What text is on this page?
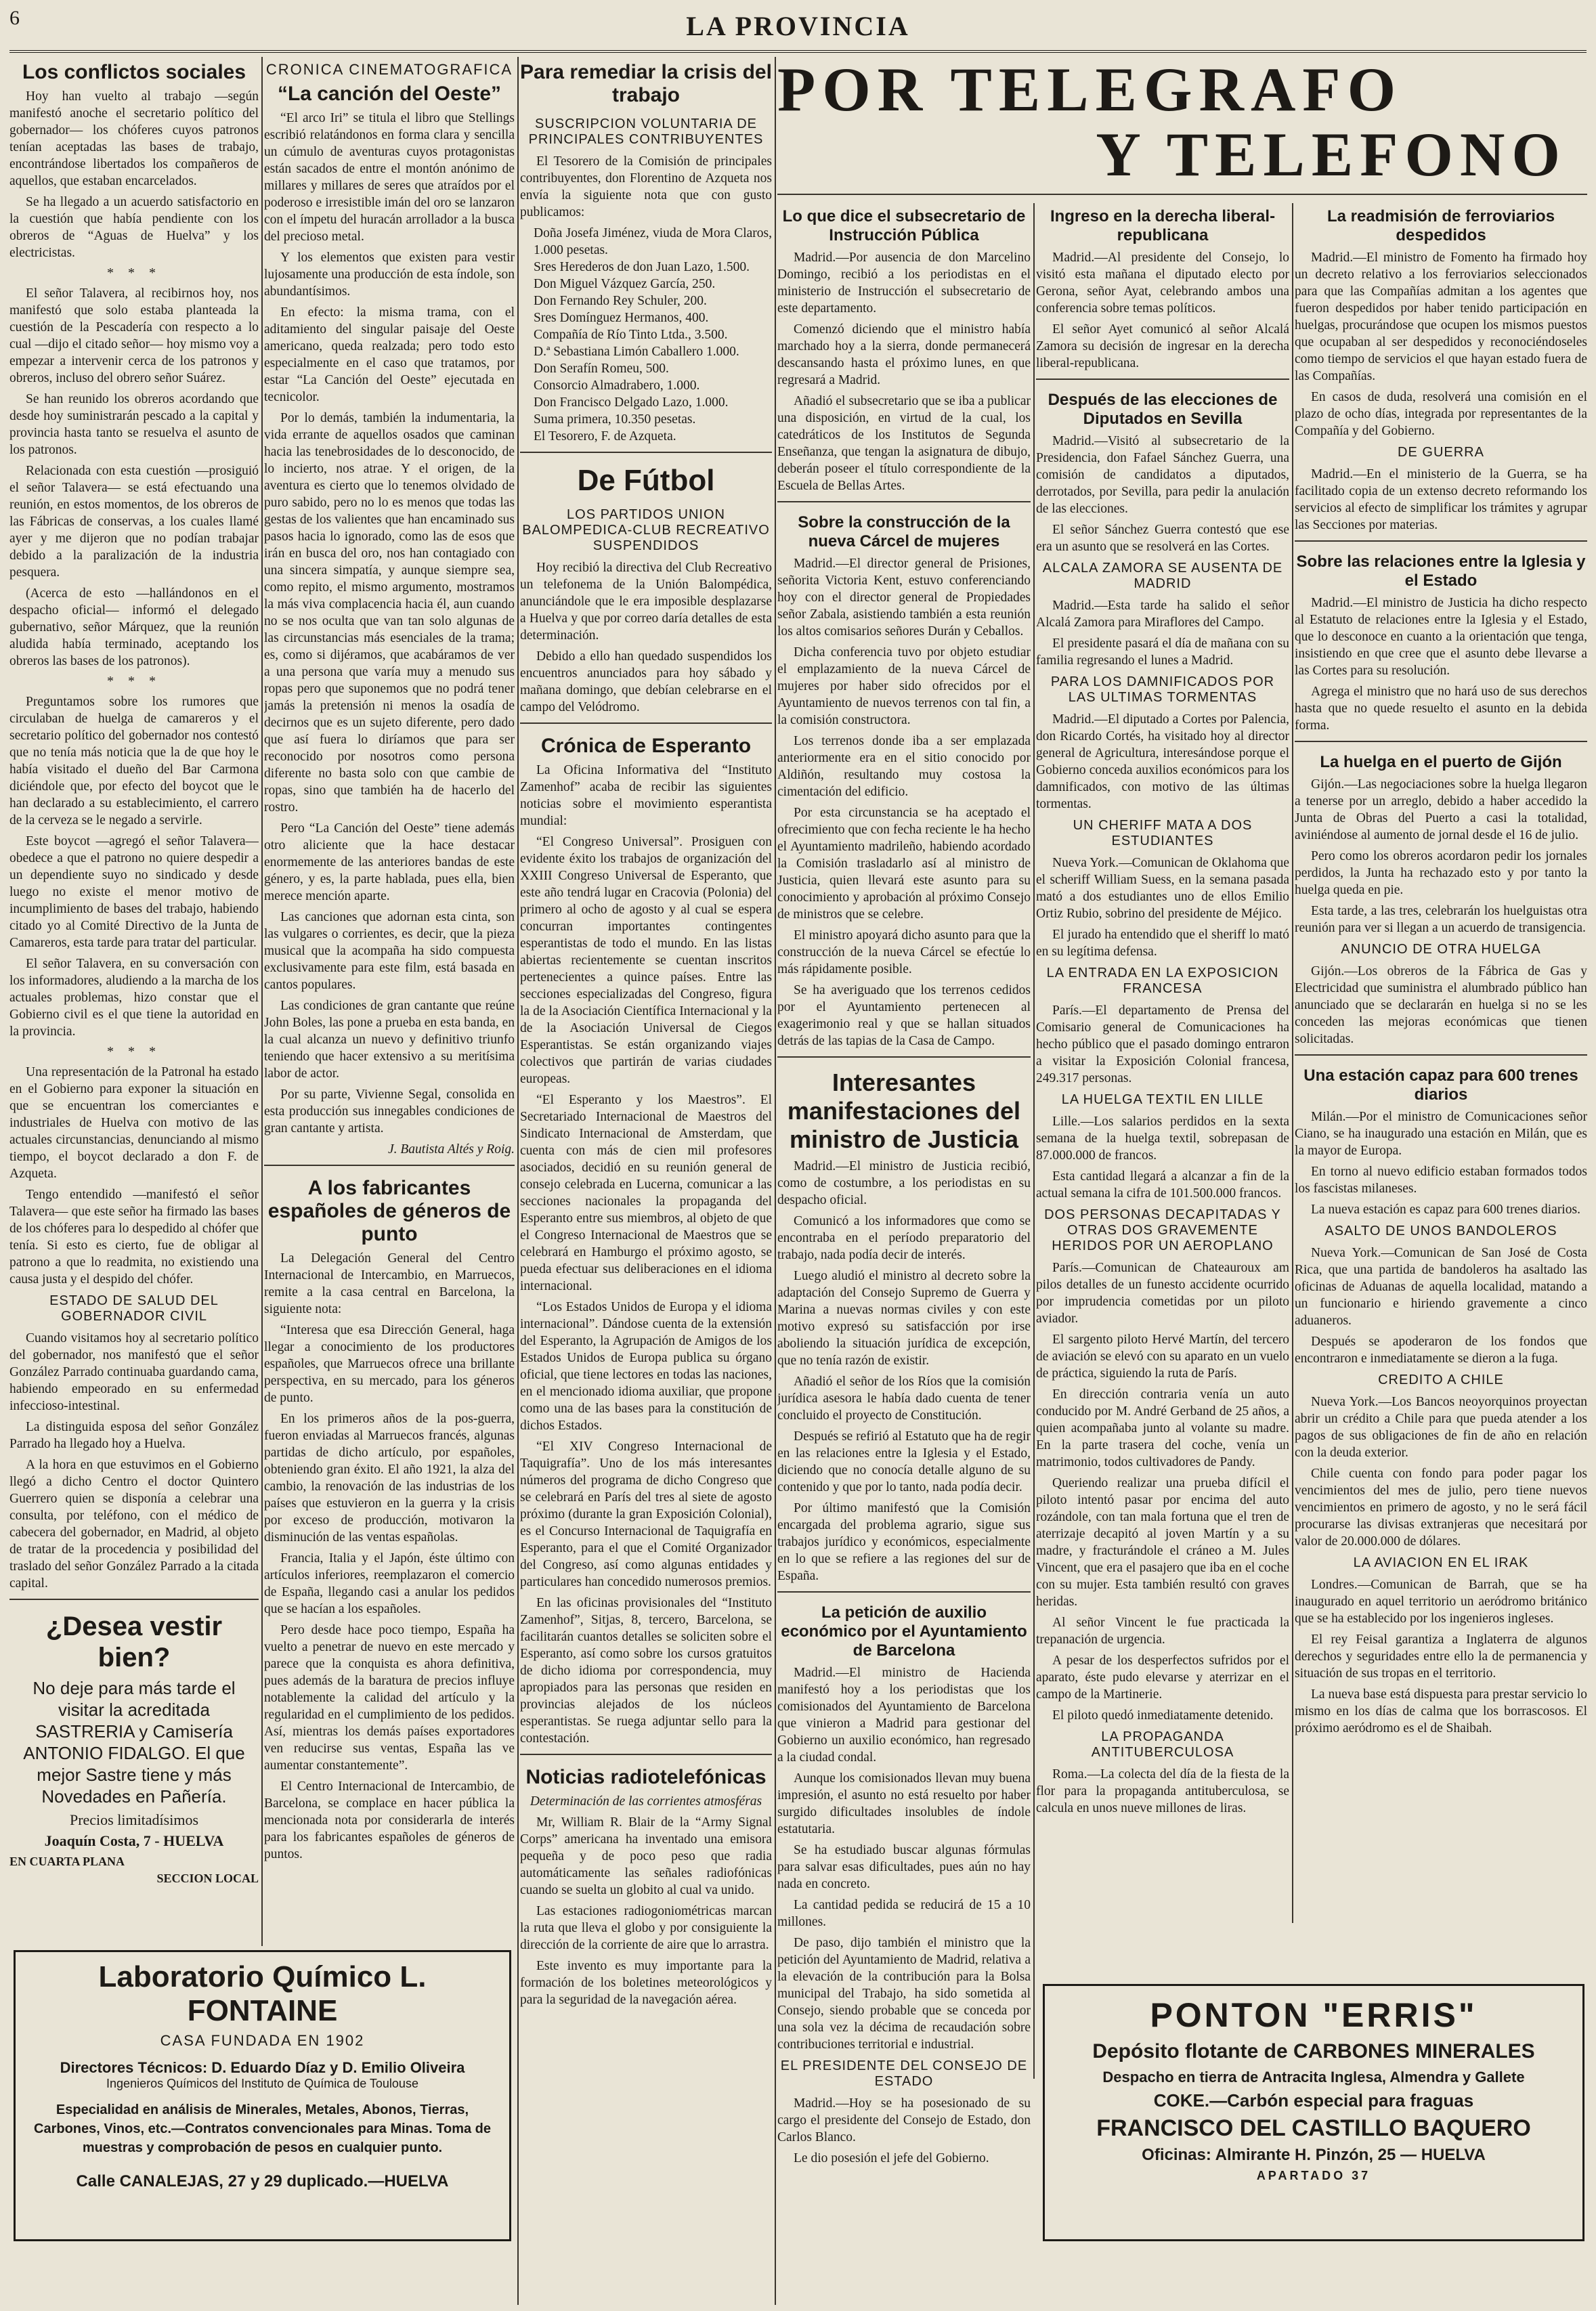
6	LA PROVINCIA
POR TELEGRAFO
Y TELEFONO
Los conflictos sociales

Hoy han vuelto al trabajo —según manifestó anoche el secretario político del gobernador— los chóferes cuyos patronos tenían aceptadas las bases de trabajo, encontrándose libertados los compañeros de aquellos, que estaban encarcelados.

Se ha llegado a un acuerdo satisfactorio en la cuestión que había pendiente con los obreros de “Aguas de Huelva” y los electricistas.

* * *

El señor Talavera, al recibirnos hoy, nos manifestó que solo estaba planteada la cuestión de la Pescadería con respecto a lo cual —dijo el citado señor— hoy mismo voy a empezar a intervenir cerca de los patronos y obreros, incluso del obrero señor Suárez.

Se han reunido los obreros acordando que desde hoy suministrarán pescado a la capital y provincia hasta tanto se resuelva el asunto de los patronos.

Relacionada con esta cuestión —prosiguió el señor Talavera— se está efectuando una reunión, en estos momentos, de los obreros de las Fábricas de conservas, a los cuales llamé ayer y me dijeron que no podían trabajar debido a la paralización de la industria pesquera.

(Acerca de esto —hallándonos en el despacho oficial— informó el delegado gubernativo, señor Márquez, que la reunión aludida había terminado, aceptando los obreros las bases de los patronos).

* * *

Preguntamos sobre los rumores que circulaban de huelga de camareros y el secretario político del gobernador nos contestó que no tenía más noticia que la de que hoy le había visitado el dueño del Bar Carmona diciéndole que, por efecto del boycot que le han declarado a su establecimiento, el carrero de la cerveza se le negado a servirle.

Este boycot —agregó el señor Talavera— obedece a que el patrono no quiere despedir a un dependiente suyo no sindicado y desde luego no existe el menor motivo de incumplimiento de bases del trabajo, habiendo citado yo al Comité Directivo de la Junta de Camareros, esta tarde para tratar del particular.

El señor Talavera, en su conversación con los informadores, aludiendo a la marcha de los actuales problemas, hizo constar que el Gobierno civil es el que tiene la autoridad en la provincia.

* * *

Una representación de la Patronal ha estado en el Gobierno para exponer la situación en que se encuentran los comerciantes e industriales de Huelva con motivo de las actuales circunstancias, denunciando al mismo tiempo, el boycot declarado a don F. de Azqueta.

Tengo entendido —manifestó el señor Talavera— que este señor ha firmado las bases de los chóferes para lo despedido al chófer que tenía. Si esto es cierto, fue de obligar al patrono a que lo readmita, no existiendo una causa justa y el despido del chófer.

ESTADO DE SALUD DEL GOBERNADOR CIVIL

Cuando visitamos hoy al secretario político del gobernador, nos manifestó que el señor González Parrado continuaba guardando cama, habiendo empeorado en su enfermedad infeccioso-intestinal.

La distinguida esposa del señor González Parrado ha llegado hoy a Huelva.

A la hora en que estuvimos en el Gobierno llegó a dicho Centro el doctor Quintero Guerrero quien se disponía a celebrar una consulta, por teléfono, con el médico de cabecera del gobernador, en Madrid, al objeto de tratar de la procedencia y posibilidad del traslado del señor González Parrado a la citada capital.

¿Desea vestir bien?

No deje para más tarde el visitar la acreditada SASTRERIA y Camisería ANTONIO FIDALGO. El que mejor Sastre tiene y más Novedades en Pañería.

Precios limitadísimos

Joaquín Costa, 7 - HUELVA

EN CUARTA PLANA

SECCION LOCAL

CRONICA CINEMATOGRAFICA
“La canción del Oeste”

“El arco Iri” se titula el libro que Stellings escribió relatándonos en forma clara y sencilla un cúmulo de aventuras cuyos protagonistas están sacados de entre el montón anónimo de millares y millares de seres que atraídos por el poderoso e irresistible imán del oro se lanzaron con el ímpetu del huracán arrollador a la busca del precioso metal.

Y los elementos que existen para vestir lujosamente una producción de esta índole, son abundantísimos.

En efecto: la misma trama, con el aditamiento del singular paisaje del Oeste americano, queda realzada; pero todo esto especialmente en el caso que tratamos, por estar “La Canción del Oeste” ejecutada en tecnicolor.

Por lo demás, también la indumentaria, la vida errante de aquellos osados que caminan hacia las tenebrosidades de lo desconocido, de lo incierto, nos atrae. Y el origen, de la aventura es cierto que lo tenemos olvidado de puro sabido, pero no lo es menos que todas las gestas de los valientes que han encaminado sus pasos hacia lo ignorado, como las de esos que irán en busca del oro, nos han contagiado con una sincera simpatía, y aunque siempre sea, como repito, el mismo argumento, mostramos la más viva complacencia hacia él, aun cuando no se nos oculta que van tan solo algunas de las circunstancias más esenciales de la trama; es, como si dijéramos, que acabáramos de ver a una persona que varía muy a menudo sus ropas pero que suponemos que no podrá tener jamás la pretensión ni menos la osadía de decirnos que es un sujeto diferente, pero dado que así fuera lo diríamos que para ser reconocido por nosotros como persona diferente no basta solo con que cambie de ropas, sino que también ha de hacerlo del rostro.

Pero “La Canción del Oeste” tiene además otro aliciente que la hace destacar enormemente de las anteriores bandas de este género, y es, la parte hablada, pues ella, bien merece mención aparte.

Las canciones que adornan esta cinta, son las vulgares o corrientes, es decir, que la pieza musical que la acompaña ha sido compuesta exclusivamente para este film, está basada en cantos populares.

Las condiciones de gran cantante que reúne John Boles, las pone a prueba en esta banda, en la cual alcanza un nuevo y definitivo triunfo teniendo que hacer extensivo a su meritísima labor de actor.

Por su parte, Vivienne Segal, consolida en esta producción sus innegables condiciones de gran cantante y artista.

J. Bautista Altés y Roig.

A los fabricantes españoles de géneros de punto

La Delegación General del Centro Internacional de Intercambio, en Marruecos, remite a la casa central en Barcelona, la siguiente nota:

“Interesa que esa Dirección General, haga llegar a conocimiento de los productores españoles, que Marruecos ofrece una brillante perspectiva, en su mercado, para los géneros de punto.

En los primeros años de la pos-guerra, fueron enviadas al Marruecos francés, algunas partidas de dicho artículo, por españoles, obteniendo gran éxito. El año 1921, la alza del cambio, la renovación de las industrias de los países que estuvieron en la guerra y la crisis por exceso de producción, motivaron la disminución de las ventas españolas.

Francia, Italia y el Japón, éste último con artículos inferiores, reemplazaron el comercio de España, llegando casi a anular los pedidos que se hacían a los españoles.

Pero desde hace poco tiempo, España ha vuelto a penetrar de nuevo en este mercado y parece que la conquista es ahora definitiva, pues además de la baratura de precios influye notablemente la calidad del artículo y la regularidad en el cumplimiento de los pedidos. Así, mientras los demás países exportadores ven reducirse sus ventas, España las ve aumentar constantemente”.

El Centro Internacional de Intercambio, de Barcelona, se complace en hacer pública la mencionada nota por considerarla de interés para los fabricantes españoles de géneros de puntos.

Para remediar la crisis del trabajo
SUSCRIPCION VOLUNTARIA DE PRINCIPALES CONTRIBUYENTES

El Tesorero de la Comisión de principales contribuyentes, don Florentino de Azqueta nos envía la siguiente nota que con gusto publicamos:

Doña Josefa Jiménez, viuda de Mora Claros, 1.000 pesetas.

Sres Herederos de don Juan Lazo, 1.500.

Don Miguel Vázquez García, 250.

Don Fernando Rey Schuler, 200.

Sres Domínguez Hermanos, 400.

Compañía de Río Tinto Ltda., 3.500.

D.ª Sebastiana Limón Caballero 1.000.

Don Serafín Romeu, 500.

Consorcio Almadrabero, 1.000.

Don Francisco Delgado Lazo, 1.000.

Suma primera, 10.350 pesetas.

El Tesorero, F. de Azqueta.

De Fútbol
LOS PARTIDOS UNION BALOMPEDICA-CLUB RECREATIVO SUSPENDIDOS

Hoy recibió la directiva del Club Recreativo un telefonema de la Unión Balompédica, anunciándole que le era imposible desplazarse a Huelva y que por correo daría detalles de esta determinación.

Debido a ello han quedado suspendidos los encuentros anunciados para hoy sábado y mañana domingo, que debían celebrarse en el campo del Velódromo.

Crónica de Esperanto

La Oficina Informativa del “Instituto Zamenhof” acaba de recibir las siguientes noticias sobre el movimiento esperantista mundial:

“El Congreso Universal”. Prosiguen con evidente éxito los trabajos de organización del XXIII Congreso Universal de Esperanto, que este año tendrá lugar en Cracovia (Polonia) del primero al ocho de agosto y al cual se espera concurran importantes contingentes esperantistas de todo el mundo. En las listas abiertas recientemente se cuentan inscritos pertenecientes a quince países. Entre las secciones especializadas del Congreso, figura la de la Asociación Científica Internacional y la de la Asociación Universal de Ciegos Esperantistas. Se están organizando viajes colectivos que partirán de varias ciudades europeas.

“El Esperanto y los Maestros”. El Secretariado Internacional de Maestros del Sindicato Internacional de Amsterdam, que cuenta con más de cien mil profesores asociados, decidió en su reunión general de consejo celebrada en Lucerna, comunicar a las secciones nacionales la propaganda del Esperanto entre sus miembros, al objeto de que el Congreso Internacional de Maestros que se celebrará en Hamburgo el próximo agosto, se pueda efectuar sus deliberaciones en el idioma internacional.

“Los Estados Unidos de Europa y el idioma internacional”. Dándose cuenta de la extensión del Esperanto, la Agrupación de Amigos de los Estados Unidos de Europa publica su órgano oficial, que tiene lectores en todas las naciones, en el mencionado idioma auxiliar, que propone como una de las bases para la constitución de dichos Estados.

“El XIV Congreso Internacional de Taquigrafía”. Uno de los más interesantes números del programa de dicho Congreso que se celebrará en París del tres al siete de agosto próximo (durante la gran Exposición Colonial), es el Concurso Internacional de Taquigrafía en Esperanto, para el que el Comité Organizador del Congreso, así como algunas entidades y particulares han concedido numerosos premios.

En las oficinas provisionales del “Instituto Zamenhof”, Sitjas, 8, tercero, Barcelona, se facilitarán cuantos detalles se soliciten sobre el Esperanto, así como sobre los cursos gratuitos de dicho idioma por correspondencia, muy apropiados para las personas que residen en provincias alejados de los núcleos esperantistas. Se ruega adjuntar sello para la contestación.

Noticias radiotelefónicas

Determinación de las corrientes atmosféras

Mr, William R. Blair de la “Army Signal Corps” americana ha inventado una emisora pequeña y de poco peso que radia automáticamente las señales radiofónicas cuando se suelta un globito al cual va unido.

Las estaciones radiogoniométricas marcan la ruta que lleva el globo y por consiguiente la dirección de la corriente de aire que lo arrastra.

Este invento es muy importante para la formación de los boletines meteorológicos y para la seguridad de la navegación aérea.

Lo que dice el subsecretario de Instrucción Pública

Madrid.—Por ausencia de don Marcelino Domingo, recibió a los periodistas en el ministerio de Instrucción el subsecretario de este departamento.

Comenzó diciendo que el ministro había marchado hoy a la sierra, donde permanecerá descansando hasta el próximo lunes, en que regresará a Madrid.

Añadió el subsecretario que se iba a publicar una disposición, en virtud de la cual, los catedráticos de los Institutos de Segunda Enseñanza, que tengan la asignatura de dibujo, deberán poseer el título correspondiente de la Escuela de Bellas Artes.

Sobre la construcción de la nueva Cárcel de mujeres

Madrid.—El director general de Prisiones, señorita Victoria Kent, estuvo conferenciando hoy con el director general de Propiedades señor Zabala, asistiendo también a esta reunión los altos comisarios señores Durán y Ceballos.

Dicha conferencia tuvo por objeto estudiar el emplazamiento de la nueva Cárcel de mujeres por haber sido ofrecidos por el Ayuntamiento de nuevos terrenos con tal fin, a la comisión constructora.

Los terrenos donde iba a ser emplazada anteriormente era en el sitio conocido por Aldiñón, resultando muy costosa la cimentación del edificio.

Por esta circunstancia se ha aceptado el ofrecimiento que con fecha reciente le ha hecho el Ayuntamiento madrileño, habiendo acordado la Comisión trasladarlo así al ministro de Justicia, quien llevará este asunto para su conocimiento y aprobación al próximo Consejo de ministros que se celebre.

El ministro apoyará dicho asunto para que la construcción de la nueva Cárcel se efectúe lo más rápidamente posible.

Se ha averiguado que los terrenos cedidos por el Ayuntamiento pertenecen al exagerimonio real y que se hallan situados detrás de las tapias de la Casa de Campo.

Interesantes manifestaciones del ministro de Justicia

Madrid.—El ministro de Justicia recibió, como de costumbre, a los periodistas en su despacho oficial.

Comunicó a los informadores que como se encontraba en el período preparatorio del trabajo, nada podía decir de interés.

Luego aludió el ministro al decreto sobre la adaptación del Consejo Supremo de Guerra y Marina a nuevas normas civiles y con este motivo expresó su satisfacción por irse aboliendo la situación jurídica de excepción, que no tenía razón de existir.

Añadió el señor de los Ríos que la comisión jurídica asesora le había dado cuenta de tener concluido el proyecto de Constitución.

Después se refirió al Estatuto que ha de regir en las relaciones entre la Iglesia y el Estado, diciendo que no conocía detalle alguno de su contenido y que por lo tanto, nada podía decir.

Por último manifestó que la Comisión encargada del problema agrario, sigue sus trabajos jurídico y económicos, especialmente en lo que se refiere a las regiones del sur de España.

La petición de auxilio económico por el Ayuntamiento de Barcelona

Madrid.—El ministro de Hacienda manifestó hoy a los periodistas que los comisionados del Ayuntamiento de Barcelona que vinieron a Madrid para gestionar del Gobierno un auxilio económico, han regresado a la ciudad condal.

Aunque los comisionados llevan muy buena impresión, el asunto no está resuelto por haber surgido dificultades insolubles de índole estatutaria.

Se ha estudiado buscar algunas fórmulas para salvar esas dificultades, pues aún no hay nada en concreto.

La cantidad pedida se reducirá de 15 a 10 millones.

De paso, dijo también el ministro que la petición del Ayuntamiento de Madrid, relativa a la elevación de la contribución para la Bolsa municipal del Trabajo, ha sido sometida al Consejo, siendo probable que se conceda por una sola vez la décima de recaudación sobre contribuciones territorial e industrial.

EL PRESIDENTE DEL CONSEJO DE ESTADO

Madrid.—Hoy se ha posesionado de su cargo el presidente del Consejo de Estado, don Carlos Blanco.

Le dio posesión el jefe del Gobierno.

Ingreso en la derecha liberal-republicana

Madrid.—Al presidente del Consejo, lo visitó esta mañana el diputado electo por Gerona, señor Ayat, celebrando ambos una conferencia sobre temas políticos.

El señor Ayet comunicó al señor Alcalá Zamora su decisión de ingresar en la derecha liberal-republicana.

Después de las elecciones de Diputados en Sevilla

Madrid.—Visitó al subsecretario de la Presidencia, don Fafael Sánchez Guerra, una comisión de candidatos a diputados, derrotados, por Sevilla, para pedir la anulación de las elecciones.

El señor Sánchez Guerra contestó que ese era un asunto que se resolverá en las Cortes.

ALCALA ZAMORA SE AUSENTA DE MADRID

Madrid.—Esta tarde ha salido el señor Alcalá Zamora para Miraflores del Campo.

El presidente pasará el día de mañana con su familia regresando el lunes a Madrid.

PARA LOS DAMNIFICADOS POR LAS ULTIMAS TORMENTAS

Madrid.—El diputado a Cortes por Palencia, don Ricardo Cortés, ha visitado hoy al director general de Agricultura, interesándose porque el Gobierno conceda auxilios económicos para los damnificados, con motivo de las últimas tormentas.

UN CHERIFF MATA A DOS ESTUDIANTES

Nueva York.—Comunican de Oklahoma que el scheriff William Suess, en la semana pasada mató a dos estudiantes uno de ellos Emilio Ortiz Rubio, sobrino del presidente de Méjico.

El jurado ha entendido que el sheriff lo mató en su legítima defensa.

LA ENTRADA EN LA EXPOSICION FRANCESA

París.—El departamento de Prensa del Comisario general de Comunicaciones ha hecho público que el pasado domingo entraron a visitar la Exposición Colonial francesa, 249.317 personas.

LA HUELGA TEXTIL EN LILLE

Lille.—Los salarios perdidos en la sexta semana de la huelga textil, sobrepasan de 87.000.000 de francos.

Esta cantidad llegará a alcanzar a fin de la actual semana la cifra de 101.500.000 francos.

DOS PERSONAS DECAPITADAS Y OTRAS DOS GRAVEMENTE HERIDOS POR UN AEROPLANO

París.—Comunican de Chateauroux am pilos detalles de un funesto accidente ocurrido por imprudencia cometidas por un piloto aviador.

El sargento piloto Hervé Martín, del tercero de aviación se elevó con su aparato en un vuelo de práctica, siguiendo la ruta de París.

En dirección contraria venía un auto conducido por M. André Gerband de 25 años, a quien acompañaba junto al volante su madre. En la parte trasera del coche, venía un matrimonio, todos cultivadores de Pandy.

Queriendo realizar una prueba difícil el piloto intentó pasar por encima del auto rozándole, con tan mala fortuna que el tren de aterrizaje decapitó al joven Martín y a su madre, y fracturándole el cráneo a M. Jules Vincent, que era el pasajero que iba en el coche con su mujer. Esta también resultó con graves heridas.

Al señor Vincent le fue practicada la trepanación de urgencia.

A pesar de los desperfectos sufridos por el aparato, éste pudo elevarse y aterrizar en el campo de la Martinerie.

El piloto quedó inmediatamente detenido.

LA PROPAGANDA ANTITUBERCULOSA

Roma.—La colecta del día de la fiesta de la flor para la propaganda antituberculosa, se calcula en unos nueve millones de liras.

La readmisión de ferroviarios despedidos

Madrid.—El ministro de Fomento ha firmado hoy un decreto relativo a los ferroviarios seleccionados para que las Compañías admitan a los agentes que fueron despedidos por haber tenido participación en huelgas, procurándose que ocupen los mismos puestos que ocupaban al ser despedidos y reconociéndoseles como tiempo de servicios el que hayan estado fuera de las Compañías.

En casos de duda, resolverá una comisión en el plazo de ocho días, integrada por representantes de la Compañía y del Gobierno.

DE GUERRA

Madrid.—En el ministerio de la Guerra, se ha facilitado copia de un extenso decreto reformando los servicios al efecto de simplificar los trámites y agrupar las Secciones por materias.

Sobre las relaciones entre la Iglesia y el Estado

Madrid.—El ministro de Justicia ha dicho respecto al Estatuto de relaciones entre la Iglesia y el Estado, que lo desconoce en cuanto a la orientación que tenga, insistiendo en que cree que el asunto debe llevarse a las Cortes para su resolución.

Agrega el ministro que no hará uso de sus derechos hasta que no quede resuelto el asunto en la debida forma.

La huelga en el puerto de Gijón

Gijón.—Las negociaciones sobre la huelga llegaron a tenerse por un arreglo, debido a haber accedido la Junta de Obras del Puerto a casi la totalidad, aviniéndose al aumento de jornal desde el 16 de julio.

Pero como los obreros acordaron pedir los jornales perdidos, la Junta ha rechazado esto y por tanto la huelga queda en pie.

Esta tarde, a las tres, celebrarán los huelguistas otra reunión para ver si llegan a un acuerdo de transigencia.

ANUNCIO DE OTRA HUELGA

Gijón.—Los obreros de la Fábrica de Gas y Electricidad que suministra el alumbrado público han anunciado que se declararán en huelga si no se les conceden las mejoras económicas que tienen solicitadas.

Una estación capaz para 600 trenes diarios

Milán.—Por el ministro de Comunicaciones señor Ciano, se ha inaugurado una estación en Milán, que es la mayor de Europa.

En torno al nuevo edificio estaban formados todos los fascistas milaneses.

La nueva estación es capaz para 600 trenes diarios.

ASALTO DE UNOS BANDOLEROS

Nueva York.—Comunican de San José de Costa Rica, que una partida de bandoleros ha asaltado las oficinas de Aduanas de aquella localidad, matando a un funcionario e hiriendo gravemente a cinco aduaneros.

Después se apoderaron de los fondos que encontraron e inmediatamente se dieron a la fuga.

CREDITO A CHILE

Nueva York.—Los Bancos neoyorquinos proyectan abrir un crédito a Chile para que pueda atender a los pagos de sus obligaciones de fin de año en relación con la deuda exterior.

Chile cuenta con fondo para poder pagar los vencimientos del mes de julio, pero tiene nuevos vencimientos en primero de agosto, y no le será fácil procurarse las divisas extranjeras que necesitará por valor de 20.000.000 de dólares.

LA AVIACION EN EL IRAK

Londres.—Comunican de Barrah, que se ha inaugurado en aquel territorio un aeródromo británico que se ha establecido por los ingenieros ingleses.

El rey Feisal garantiza a Inglaterra de algunos derechos y seguridades entre ello la de permanencia y situación de sus tropas en el territorio.

La nueva base está dispuesta para prestar servicio lo mismo en los días de calma que los borrascosos. El próximo aeródromo es el de Shaibah.

Laboratorio Químico L. FONTAINE
CASA FUNDADA EN 1902
Directores Técnicos: D. Eduardo Díaz y D. Emilio Oliveira
Ingenieros Químicos del Instituto de Química de Toulouse
Especialidad en análisis de Minerales, Metales, Abonos, Tierras, Carbones, Vinos, etc.—Contratos convencionales para Minas. Toma de muestras y comprobación de pesos en cualquier punto.
Calle CANALEJAS, 27 y 29 duplicado.—HUELVA
PONTON "ERRIS"
Depósito flotante de CARBONES MINERALES
Despacho en tierra de Antracita Inglesa, Almendra y Gallete
COKE.—Carbón especial para fraguas
FRANCISCO DEL CASTILLO BAQUERO
Oficinas: Almirante H. Pinzón, 25 — HUELVA
APARTADO 37
